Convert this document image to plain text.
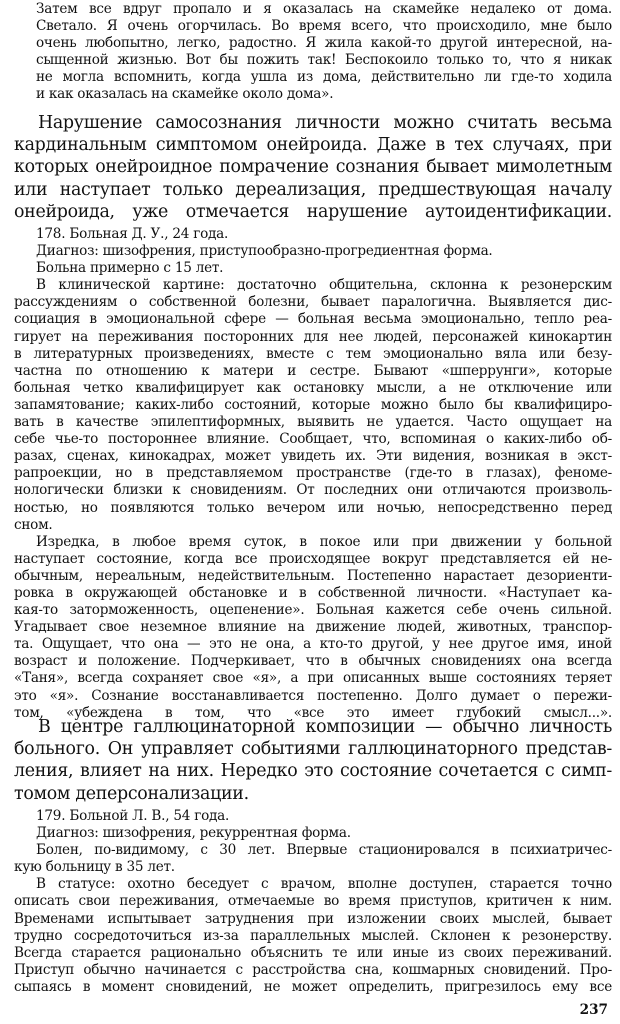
Затем все вдруг пропало и я оказалась на скамейке недалеко от дома.
Светало. Я очень огорчилась. Во время всего, что происходило, мне было
очень любопытно, легко, радостно. Я жила какой-то другой интересной, на-
сыщенной жизнью. Вот бы пожить так! Беспокоило только то, что я никак
не могла вспомнить, когда ушла из дома, действительно ли где-то ходила
и как оказалась на скамейке около дома».
Нарушение самосознания личности можно считать весьма
кардинальным симптомом онейроида. Даже в тех случаях, при
которых онейроидное помрачение сознания бывает мимолетным
или наступает только дереализация, предшествующая началу
онейроида, уже отмечается нарушение аутоидентификации.
178. Больная Д. У., 24 года.
Диагноз: шизофрения, приступообразно-прогредиентная форма.
Больна примерно с 15 лет.
В клинической картине: достаточно общительна, склонна к резонерским
рассуждениям о собственной болезни, бывает паралогична. Выявляется дис-
социация в эмоциональной сфере — больная весьма эмоционально, тепло реа-
гирует на переживания посторонних для нее людей, персонажей кинокартин
в литературных произведениях, вместе с тем эмоционально вяла или безу-
частна по отношению к матери и сестре. Бывают «шперрунги», которые
больная четко квалифицирует как остановку мысли, а не отключение или
запамятование; каких-либо состояний, которые можно было бы квалифициро-
вать в качестве эпилептиформных, выявить не удается. Часто ощущает на
себе чье-то постороннее влияние. Сообщает, что, вспоминая о каких-либо об-
разах, сценах, кинокадрах, может увидеть их. Эти видения, возникая в экст-
рапроекции, но в представляемом пространстве (где-то в глазах), феноме-
нологически близки к сновидениям. От последних они отличаются произволь-
ностью, но появляются только вечером или ночью, непосредственно перед
сном.
Изредка, в любое время суток, в покое или при движении у больной
наступает состояние, когда все происходящее вокруг представляется ей не-
обычным, нереальным, недействительным. Постепенно нарастает дезориенти-
ровка в окружающей обстановке и в собственной личности. «Наступает ка-
кая-то заторможенность, оцепенение». Больная кажется себе очень сильной.
Угадывает свое неземное влияние на движение людей, животных, транспор-
та. Ощущает, что она — это не она, а кто-то другой, у нее другое имя, иной
возраст и положение. Подчеркивает, что в обычных сновидениях она всегда
«Таня», всегда сохраняет свое «я», а при описанных выше состояниях теряет
это «я». Сознание восстанавливается постепенно. Долго думает о пережи-
том, «убеждена в том, что «все это имеет глубокий смысл...».
В центре галлюцинаторной композиции — обычно личность
больного. Он управляет событиями галлюцинаторного представ-
ления, влияет на них. Нередко это состояние сочетается с симп-
томом деперсонализации.
179. Больной Л. В., 54 года.
Диагноз: шизофрения, рекуррентная форма.
Болен, по-видимому, с 30 лет. Впервые стационировался в психиатричес-
кую больницу в 35 лет.
В статусе: охотно беседует с врачом, вполне доступен, старается точно
описать свои переживания, отмечаемые во время приступов, критичен к ним.
Временами испытывает затруднения при изложении своих мыслей, бывает
трудно сосредоточиться из-за параллельных мыслей. Склонен к резонерству.
Всегда старается рационально объяснить те или иные из своих переживаний.
Приступ обычно начинается с расстройства сна, кошмарных сновидений. Про-
сыпаясь в момент сновидений, не может определить, пригрезилось ему все
237
